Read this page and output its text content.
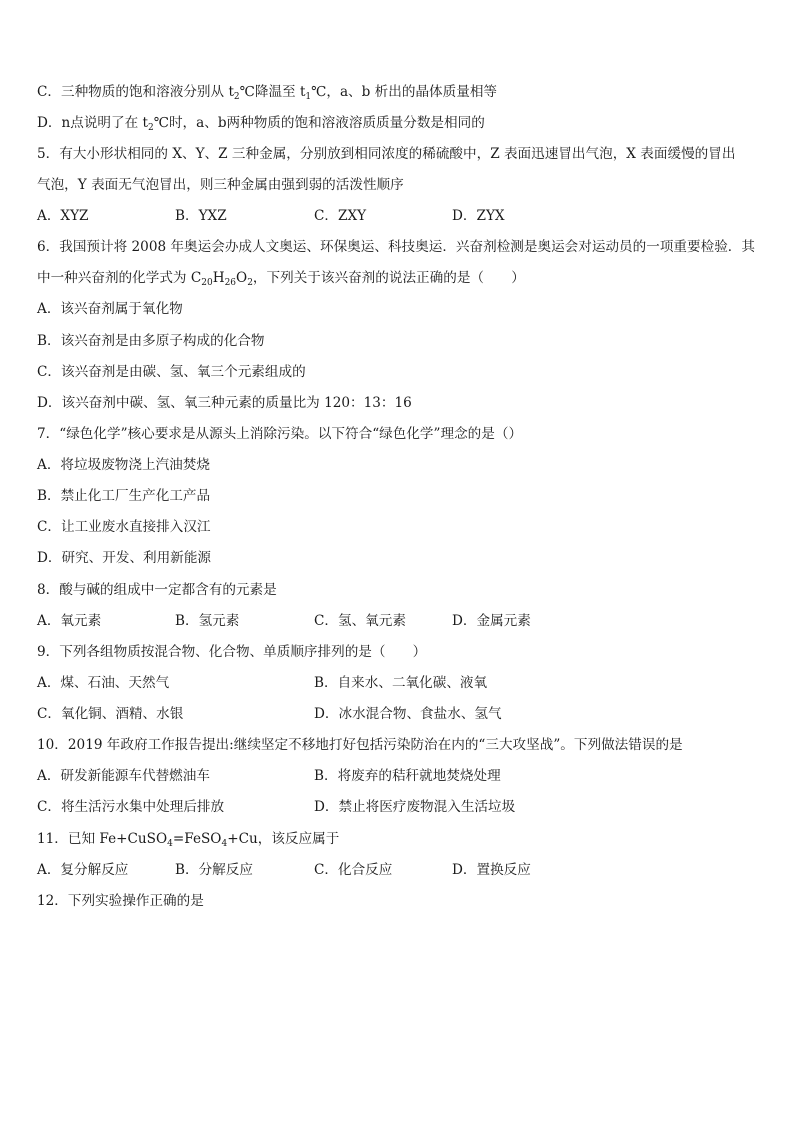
C．三种物质的饱和溶液分别从 $t_2℃$降温至 $t_1℃$，a、b 析出的晶体质量相等
D．n点说明了在 $t_2℃$时，a、b两种物质的饱和溶液溶质质量分数是相同的
5．有大小形状相同的 X、Y、Z 三种金属，分别放到相同浓度的稀硫酸中，Z 表面迅速冒出气泡，X 表面缓慢的冒出
气泡，Y 表面无气泡冒出，则三种金属由强到弱的活泼性顺序
A．XYZ	B．YXZ	C．ZXY	D．ZYX
6．我国预计将 2008 年奥运会办成人文奥运、环保奥运、科技奥运．兴奋剂检测是奥运会对运动员的一项重要检验．其
中一种兴奋剂的化学式为 $C_{20}H_{26}O_2$，下列关于该兴奋剂的说法正确的是（　　）
A．该兴奋剂属于氧化物
B．该兴奋剂是由多原子构成的化合物
C．该兴奋剂是由碳、氢、氧三个元素组成的
D．该兴奋剂中碳、氢、氧三种元素的质量比为 120：13：16
7．“绿色化学”核心要求是从源头上消除污染。以下符合“绿色化学”理念的是（）
A．将垃圾废物浇上汽油焚烧
B．禁止化工厂生产化工产品
C．让工业废水直接排入汉江
D．研究、开发、利用新能源
8．酸与碱的组成中一定都含有的元素是
A．氧元素	B．氢元素	C．氢、氧元素	D．金属元素
9．下列各组物质按混合物、化合物、单质顺序排列的是（　　）
A．煤、石油、天然气	B．自来水、二氧化碳、液氧
C．氧化铜、酒精、水银	D．冰水混合物、食盐水、氢气
10．2019 年政府工作报告提出:继续坚定不移地打好包括污染防治在内的“三大攻坚战”。下列做法错误的是
A．研发新能源车代替燃油车	B．将废弃的秸秆就地焚烧处理
C．将生活污水集中处理后排放	D．禁止将医疗废物混入生活垃圾
11．已知 Fe+CuSO$_4$=FeSO$_4$+Cu，该反应属于
A．复分解反应	B．分解反应	C．化合反应	D．置换反应
12．下列实验操作正确的是
